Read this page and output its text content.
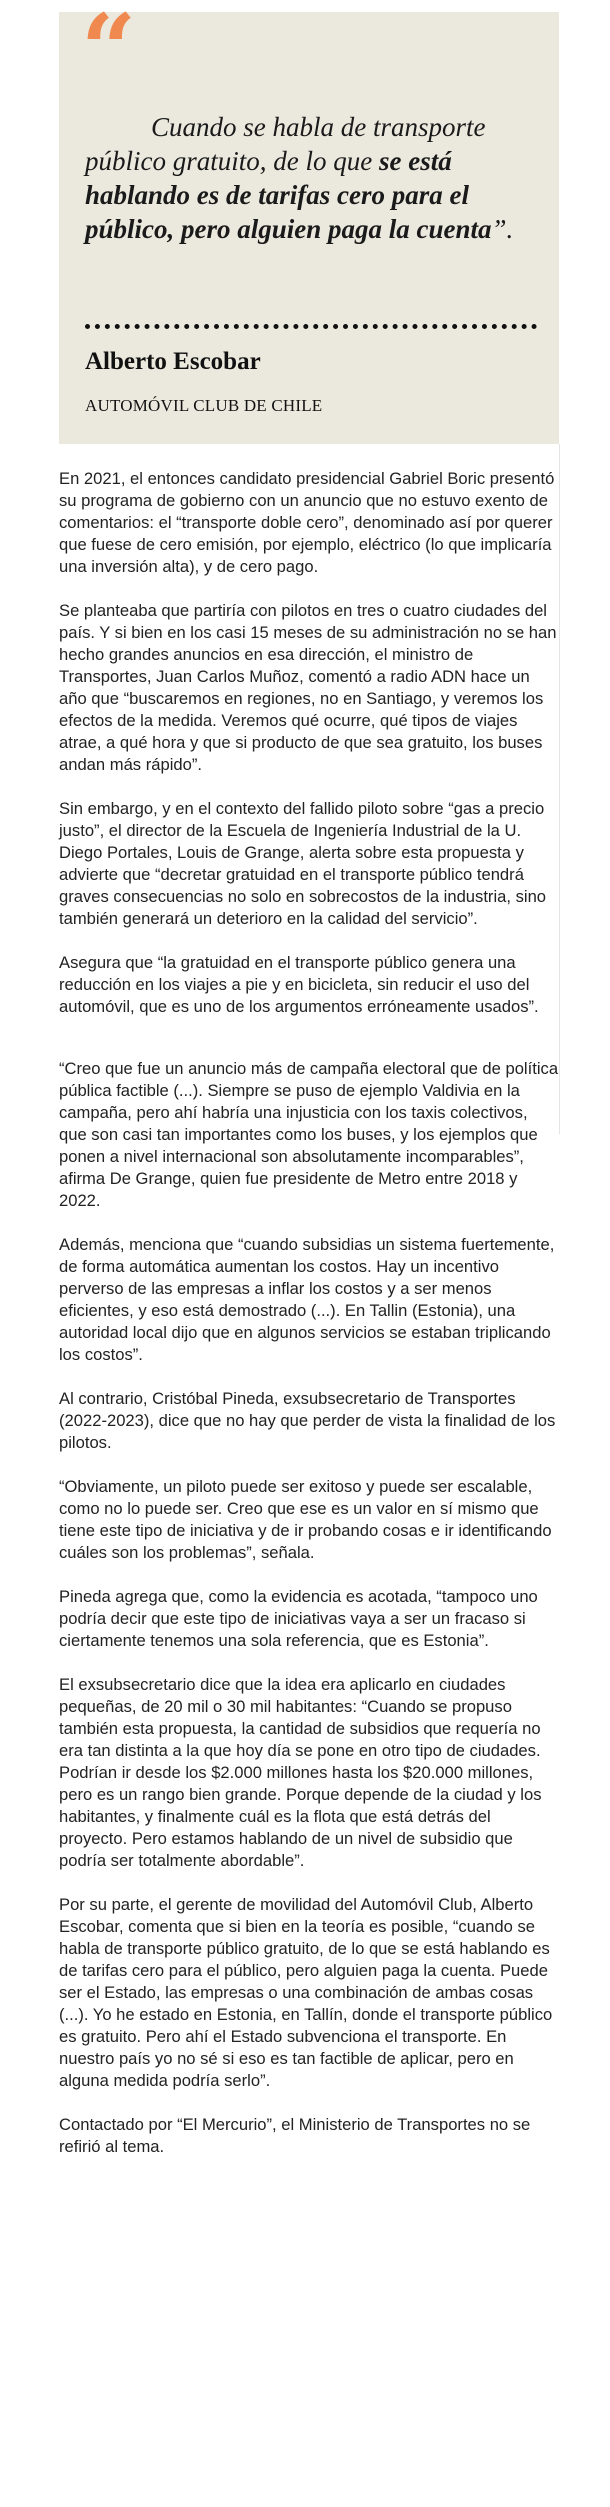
“

Cuando se habla de transporte público gratuito, de lo que se está hablando es de tarifas cero para el público, pero alguien paga la cuenta”.

Alberto Escobar

AUTOMÓVIL CLUB DE CHILE

En 2021, el entonces candidato presidencial Gabriel Boric presentó su programa de gobierno con un anuncio que no estuvo exento de comentarios: el “transporte doble cero”, denominado así por querer que fuese de cero emisión, por ejemplo, eléctrico (lo que implicaría una inversión alta), y de cero pago.

Se planteaba que partiría con pilotos en tres o cuatro ciudades del país. Y si bien en los casi 15 meses de su administración no se han hecho grandes anuncios en esa dirección, el ministro de Transportes, Juan Carlos Muñoz, comentó a radio ADN hace un año que “buscaremos en regiones, no en Santiago, y veremos los efectos de la medida. Veremos qué ocurre, qué tipos de viajes atrae, a qué hora y que si producto de que sea gratuito, los buses andan más rápido”.

Sin embargo, y en el contexto del fallido piloto sobre “gas a precio justo”, el director de la Escuela de Ingeniería Industrial de la U. Diego Portales, Louis de Grange, alerta sobre esta propuesta y advierte que “decretar gratuidad en el transporte público tendrá graves consecuencias no solo en sobrecostos de la industria, sino también generará un deterioro en la calidad del servicio”.

Asegura que “la gratuidad en el transporte público genera una reducción en los viajes a pie y en bicicleta, sin reducir el uso del automóvil, que es uno de los argumentos erróneamente usados”.

“Creo que fue un anuncio más de campaña electoral que de política pública factible (...). Siempre se puso de ejemplo Valdivia en la campaña, pero ahí habría una injusticia con los taxis colectivos, que son casi tan importantes como los buses, y los ejemplos que ponen a nivel internacional son absolutamente incomparables”, afirma De Grange, quien fue presidente de Metro entre 2018 y 2022.

Además, menciona que “cuando subsidias un sistema fuertemente, de forma automática aumentan los costos. Hay un incentivo perverso de las empresas a inflar los costos y a ser menos eficientes, y eso está demostrado (...). En Tallin (Estonia), una autoridad local dijo que en algunos servicios se estaban triplicando los costos”.

Al contrario, Cristóbal Pineda, exsubsecretario de Transportes (2022-2023), dice que no hay que perder de vista la finalidad de los pilotos.

“Obviamente, un piloto puede ser exitoso y puede ser escalable, como no lo puede ser. Creo que ese es un valor en sí mismo que tiene este tipo de iniciativa y de ir probando cosas e ir identificando cuáles son los problemas”, señala.

Pineda agrega que, como la evidencia es acotada, “tampoco uno podría decir que este tipo de iniciativas vaya a ser un fracaso si ciertamente tenemos una sola referencia, que es Estonia”.

El exsubsecretario dice que la idea era aplicarlo en ciudades pequeñas, de 20 mil o 30 mil habitantes: “Cuando se propuso también esta propuesta, la cantidad de subsidios que requería no era tan distinta a la que hoy día se pone en otro tipo de ciudades. Podrían ir desde los $2.000 millones hasta los $20.000 millones, pero es un rango bien grande. Porque depende de la ciudad y los habitantes, y finalmente cuál es la flota que está detrás del proyecto. Pero estamos hablando de un nivel de subsidio que podría ser totalmente abordable”.

Por su parte, el gerente de movilidad del Automóvil Club, Alberto Escobar, comenta que si bien en la teoría es posible, “cuando se habla de transporte público gratuito, de lo que se está hablando es de tarifas cero para el público, pero alguien paga la cuenta. Puede ser el Estado, las empresas o una combinación de ambas cosas (...). Yo he estado en Estonia, en Tallín, donde el transporte público es gratuito. Pero ahí el Estado subvenciona el transporte. En nuestro país yo no sé si eso es tan factible de aplicar, pero en alguna medida podría serlo”.

Contactado por “El Mercurio”, el Ministerio de Transportes no se refirió al tema.
